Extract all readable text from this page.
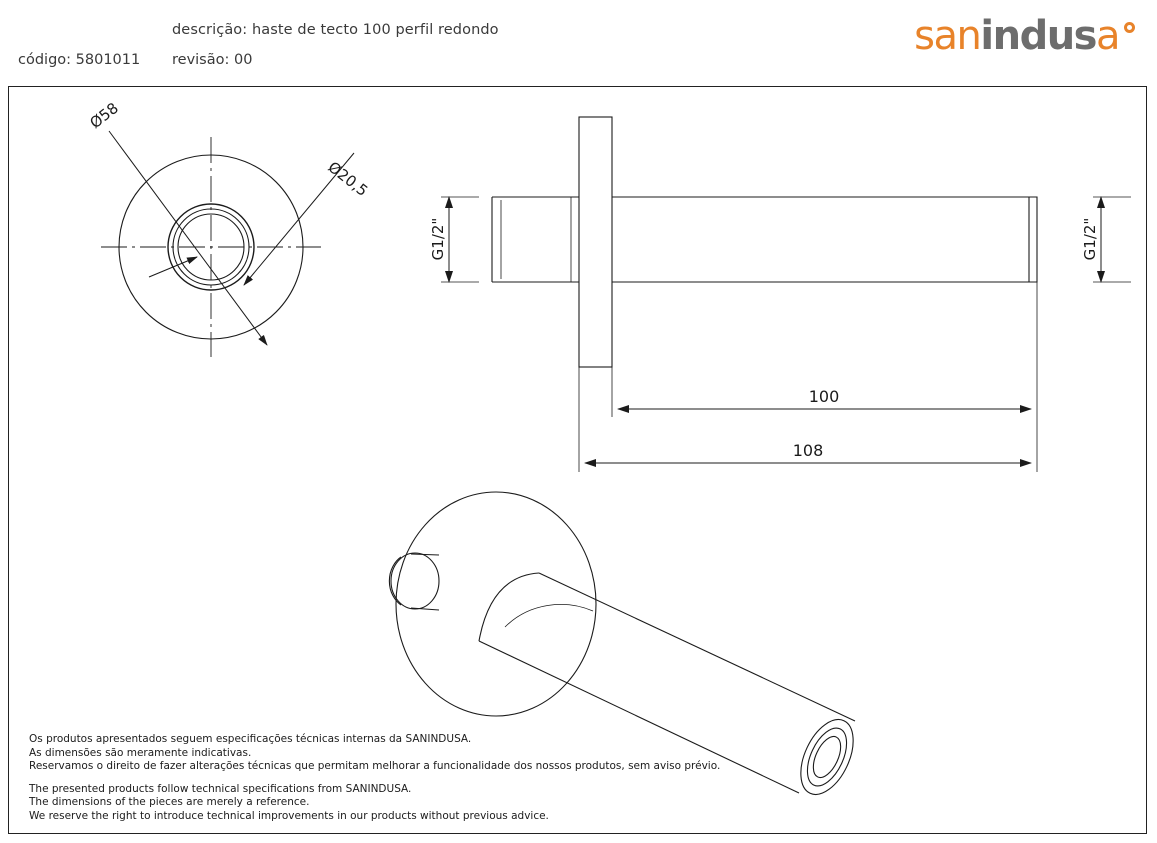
descrição: haste de tecto 100 perfil redondo
código: 5801011 revisão: 00
sanindusa
Ø58
Ø20,5
G1/2"	G1/2"
100
108
Os produtos apresentados seguem especificações técnicas internas da SANINDUSA.
As dimensões são meramente indicativas.
Reservamos o direito de fazer alterações técnicas que permitam melhorar a funcionalidade dos nossos produtos, sem aviso prévio.
The presented products follow technical specifications from SANINDUSA.
The dimensions of the pieces are merely a reference.
We reserve the right to introduce technical improvements in our products without previous advice.
